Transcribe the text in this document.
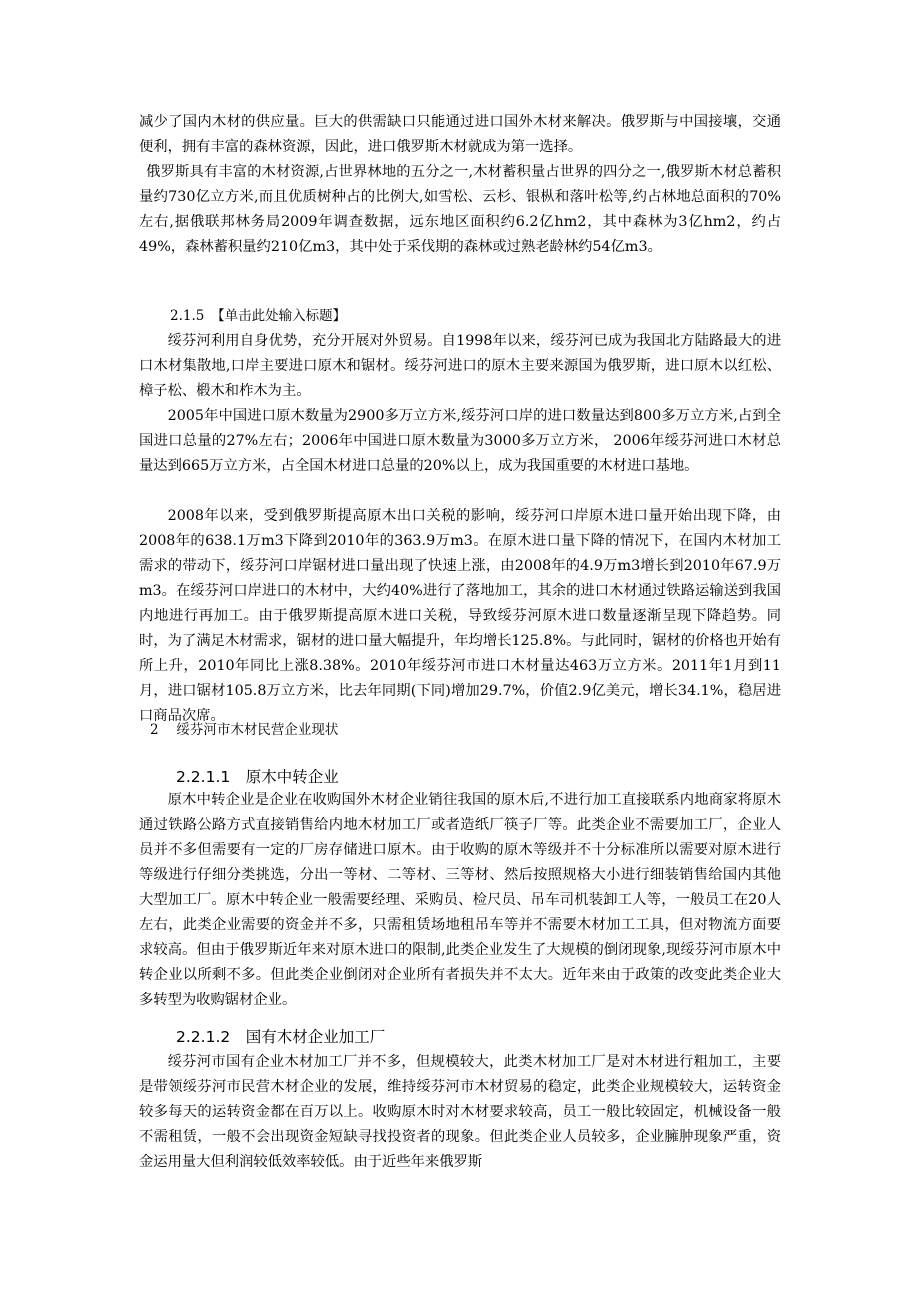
减少了国内木材的供应量。巨大的供需缺口只能通过进口国外木材来解决。俄罗斯与中国接壤，交通便利，拥有丰富的森林资源，因此，进口俄罗斯木材就成为第一选择。

俄罗斯具有丰富的木材资源,占世界林地的五分之一,木材蓄积量占世界的四分之一,俄罗斯木材总蓄积量约730亿立方米,而且优质树种占的比例大,如雪松、云杉、银枞和落叶松等,约占林地总面积的70%左右,据俄联邦林务局2009年调查数据，远东地区面积约6.2亿hm2，其中森林为3亿hm2，约占49%，森林蓄积量约210亿m3，其中处于采伐期的森林或过熟老龄林约54亿m3。

2.1.5　【单击此处输入标题】

绥芬河利用自身优势，充分开展对外贸易。自1998年以来，绥芬河已成为我国北方陆路最大的进口木材集散地,口岸主要进口原木和锯材。绥芬河进口的原木主要来源国为俄罗斯，进口原木以红松、樟子松、椴木和柞木为主。

2005年中国进口原木数量为2900多万立方米,绥芬河口岸的进口数量达到800多万立方米,占到全国进口总量的27%左右；2006年中国进口原木数量为3000多万立方米， 2006年绥芬河进口木材总量达到665万立方米，占全国木材进口总量的20%以上，成为我国重要的木材进口基地。

2008年以来，受到俄罗斯提高原木出口关税的影响，绥芬河口岸原木进口量开始出现下降，由2008年的638.1万m3下降到2010年的363.9万m3。在原木进口量下降的情况下，在国内木材加工需求的带动下，绥芬河口岸锯材进口量出现了快速上涨，由2008年的4.9万m3增长到2010年67.9万m3。在绥芬河口岸进口的木材中，大约40%进行了落地加工，其余的进口木材通过铁路运输送到我国内地进行再加工。由于俄罗斯提高原木进口关税，导致绥芬河原木进口数量逐渐呈现下降趋势。同时，为了满足木材需求，锯材的进口量大幅提升，年均增长125.8%。与此同时，锯材的价格也开始有所上升，2010年同比上涨8.38%。2010年绥芬河市进口木材量达463万立方米。2011年1月到11月，进口锯材105.8万立方米，比去年同期(下同)增加29.7%，价值2.9亿美元，增长34.1%，稳居进口商品次席。

2　 绥芬河市木材民营企业现状

2.2.1.1　原木中转企业

原木中转企业是企业在收购国外木材企业销往我国的原木后,不进行加工直接联系内地商家将原木通过铁路公路方式直接销售给内地木材加工厂或者造纸厂筷子厂等。此类企业不需要加工厂，企业人员并不多但需要有一定的厂房存储进口原木。由于收购的原木等级并不十分标准所以需要对原木进行等级进行仔细分类挑选，分出一等材、二等材、三等材、然后按照规格大小进行细装销售给国内其他大型加工厂。原木中转企业一般需要经理、采购员、检尺员、吊车司机装卸工人等，一般员工在20人左右，此类企业需要的资金并不多，只需租赁场地租吊车等并不需要木材加工工具，但对物流方面要求较高。但由于俄罗斯近年来对原木进口的限制,此类企业发生了大规模的倒闭现象,现绥芬河市原木中转企业以所剩不多。但此类企业倒闭对企业所有者损失并不太大。近年来由于政策的改变此类企业大多转型为收购锯材企业。

2.2.1.2　国有木材企业加工厂

绥芬河市国有企业木材加工厂并不多，但规模较大，此类木材加工厂是对木材进行粗加工，主要是带领绥芬河市民营木材企业的发展，维持绥芬河市木材贸易的稳定，此类企业规模较大，运转资金较多每天的运转资金都在百万以上。收购原木时对木材要求较高，员工一般比较固定，机械设备一般不需租赁，一般不会出现资金短缺寻找投资者的现象。但此类企业人员较多，企业臃肿现象严重，资金运用量大但利润较低效率较低。由于近些年来俄罗斯
